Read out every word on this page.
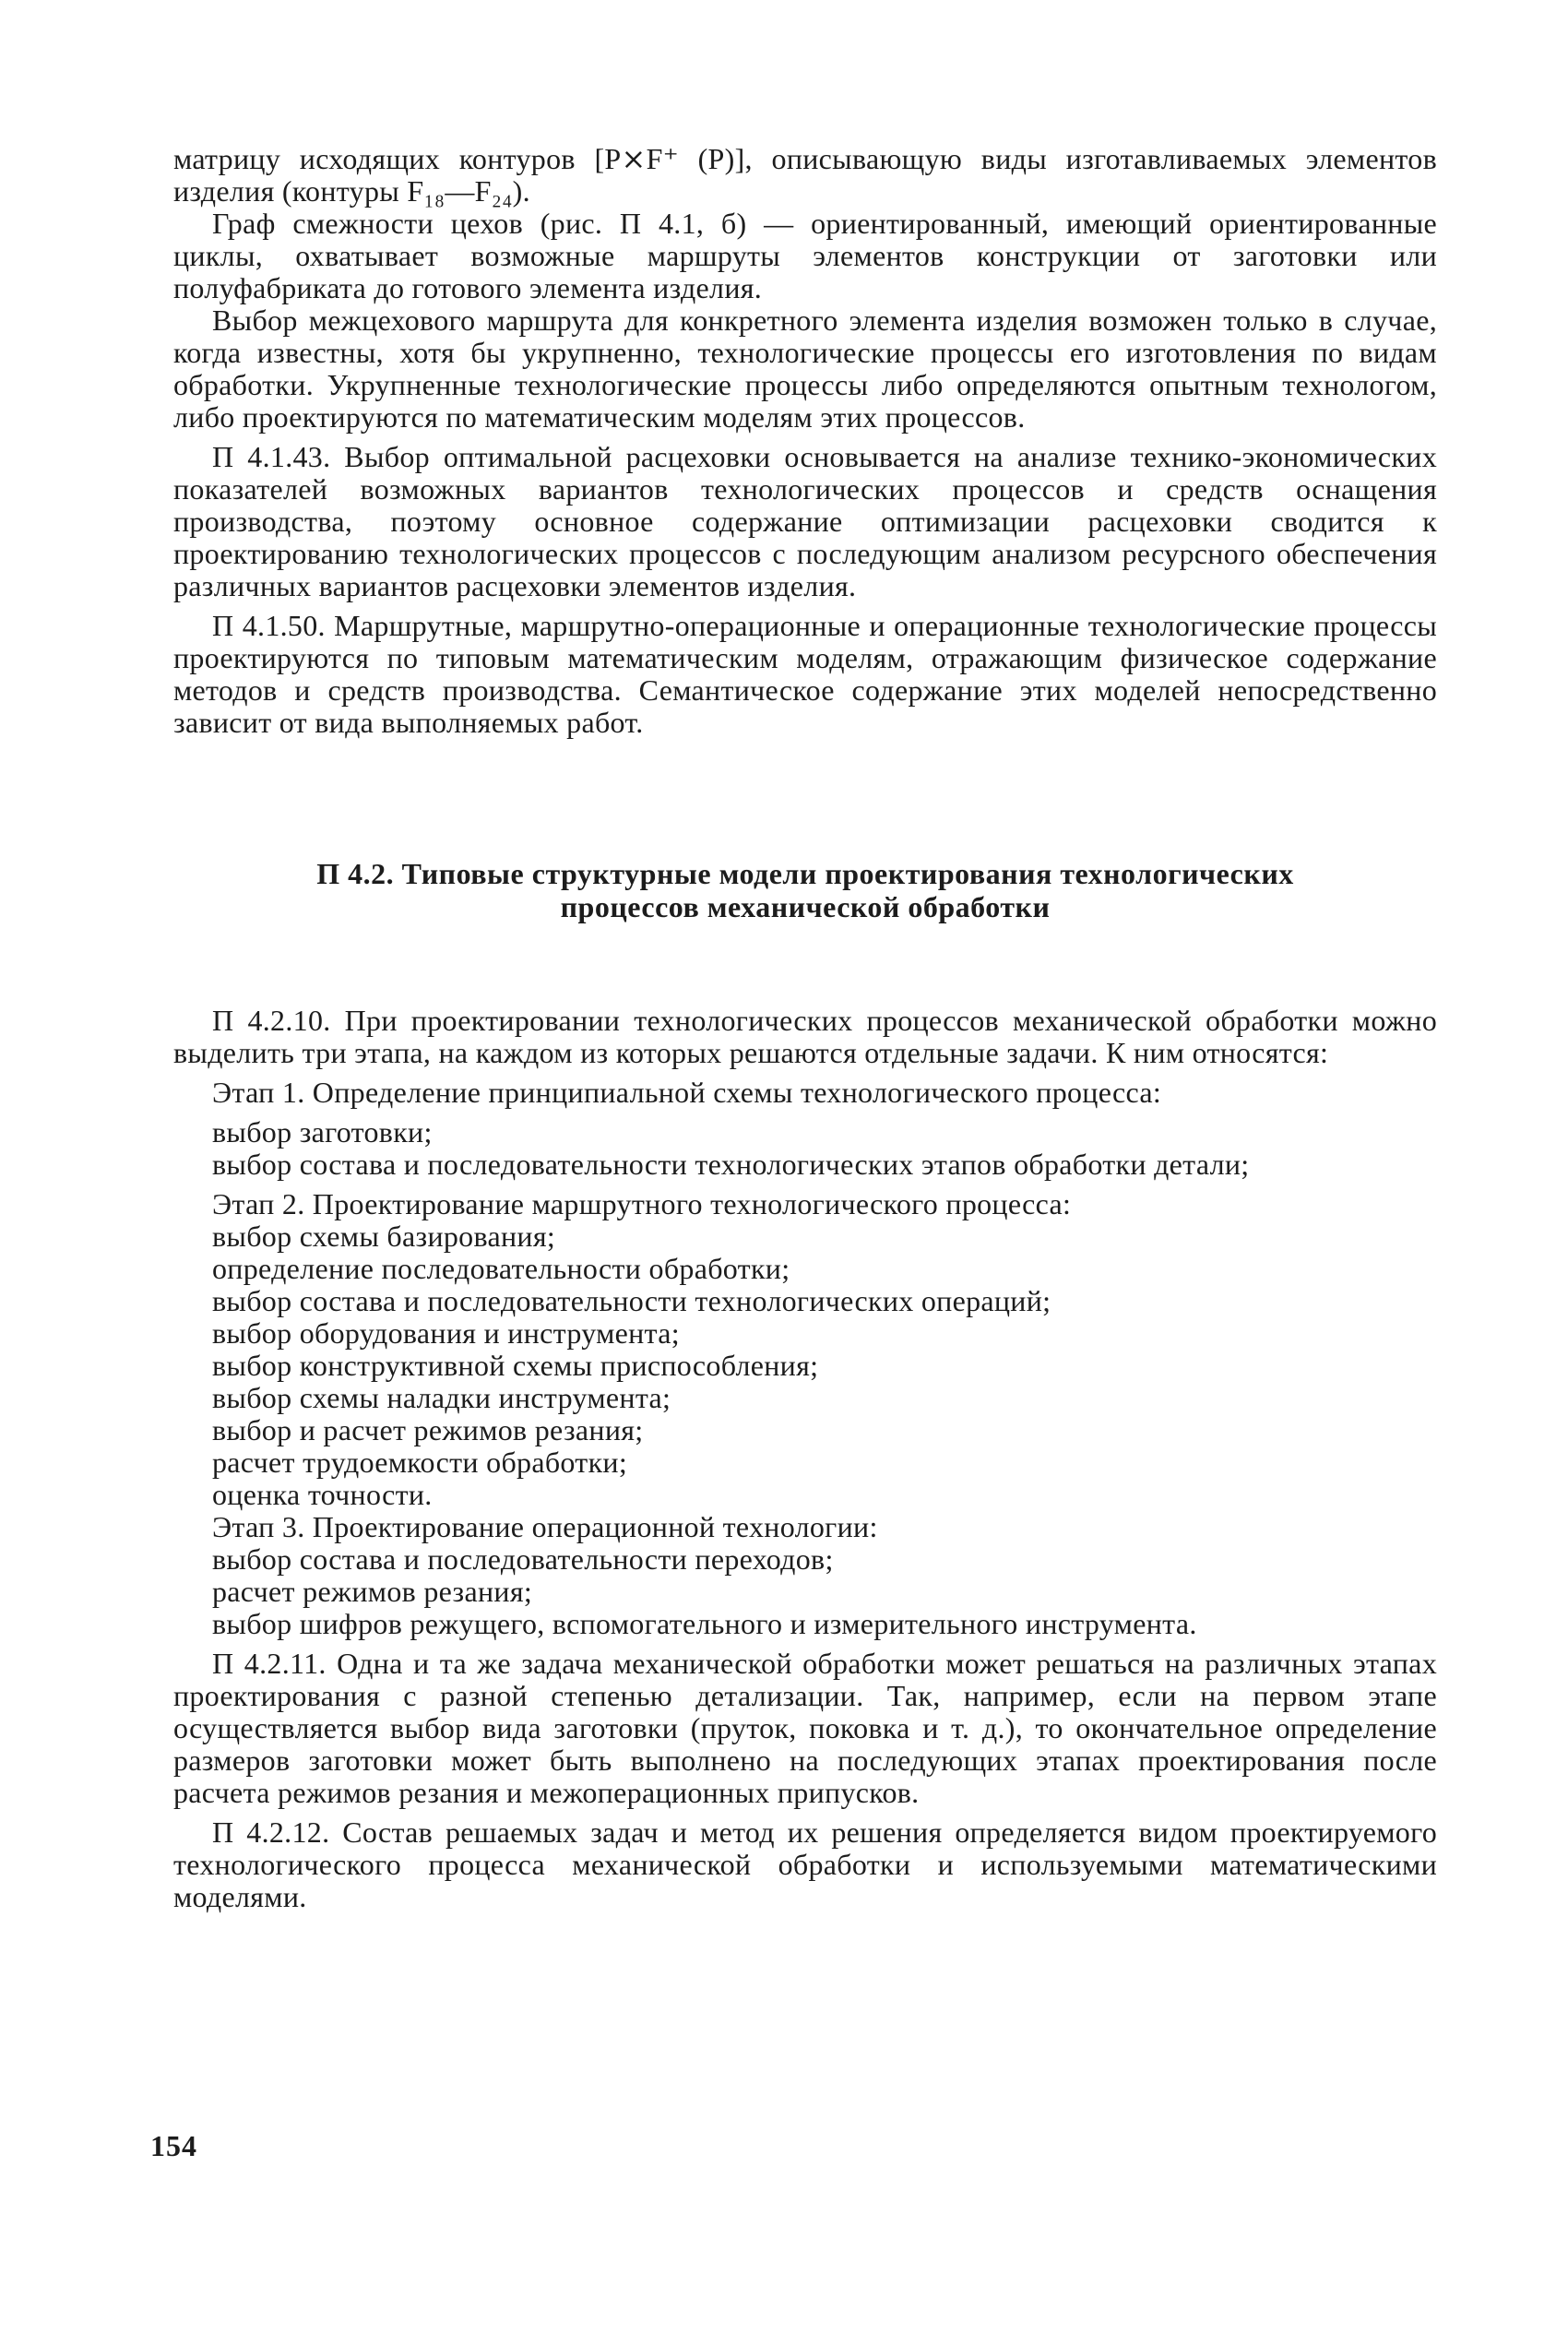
матрицу исходящих контуров [P⨯F⁺ (P)], описывающую виды изготавливаемых элементов изделия (контуры F₁₈—F₂₄).

Граф смежности цехов (рис. П 4.1, б) — ориентированный, имеющий ориентированные циклы, охватывает возможные маршруты элементов конструкции от заготовки или полуфабриката до готового элемента изделия.

Выбор межцехового маршрута для конкретного элемента изделия возможен только в случае, когда известны, хотя бы укрупненно, технологические процессы его изготовления по видам обработки. Укрупненные технологические процессы либо определяются опытным технологом, либо проектируются по математическим моделям этих процессов.

П 4.1.43. Выбор оптимальной расцеховки основывается на анализе технико-экономических показателей возможных вариантов технологических процессов и средств оснащения производства, поэтому основное содержание оптимизации расцеховки сводится к проектированию технологических процессов с последующим анализом ресурсного обеспечения различных вариантов расцеховки элементов изделия.

П 4.1.50. Маршрутные, маршрутно-операционные и операционные технологические процессы проектируются по типовым математическим моделям, отражающим физическое содержание методов и средств производства. Семантическое содержание этих моделей непосредственно зависит от вида выполняемых работ.

П 4.2. Типовые структурные модели проектирования технологических
процессов механической обработки

П 4.2.10. При проектировании технологических процессов механической обработки можно выделить три этапа, на каждом из которых решаются отдельные задачи. К ним относятся:

Этап 1. Определение принципиальной схемы технологического процесса:

выбор заготовки;

выбор состава и последовательности технологических этапов обработки детали;

Этап 2. Проектирование маршрутного технологического процесса:

выбор схемы базирования;

определение последовательности обработки;

выбор состава и последовательности технологических операций;

выбор оборудования и инструмента;

выбор конструктивной схемы приспособления;

выбор схемы наладки инструмента;

выбор и расчет режимов резания;

расчет трудоемкости обработки;

оценка точности.

Этап 3. Проектирование операционной технологии:

выбор состава и последовательности переходов;

расчет режимов резания;

выбор шифров режущего, вспомогательного и измерительного инструмента.

П 4.2.11. Одна и та же задача механической обработки может решаться на различных этапах проектирования с разной степенью детализации. Так, например, если на первом этапе осуществляется выбор вида заготовки (пруток, поковка и т. д.), то окончательное определение размеров заготовки может быть выполнено на последующих этапах проектирования после расчета режимов резания и межоперационных припусков.

П 4.2.12. Состав решаемых задач и метод их решения определяется видом проектируемого технологического процесса механической обработки и используемыми математическими моделями.

154
